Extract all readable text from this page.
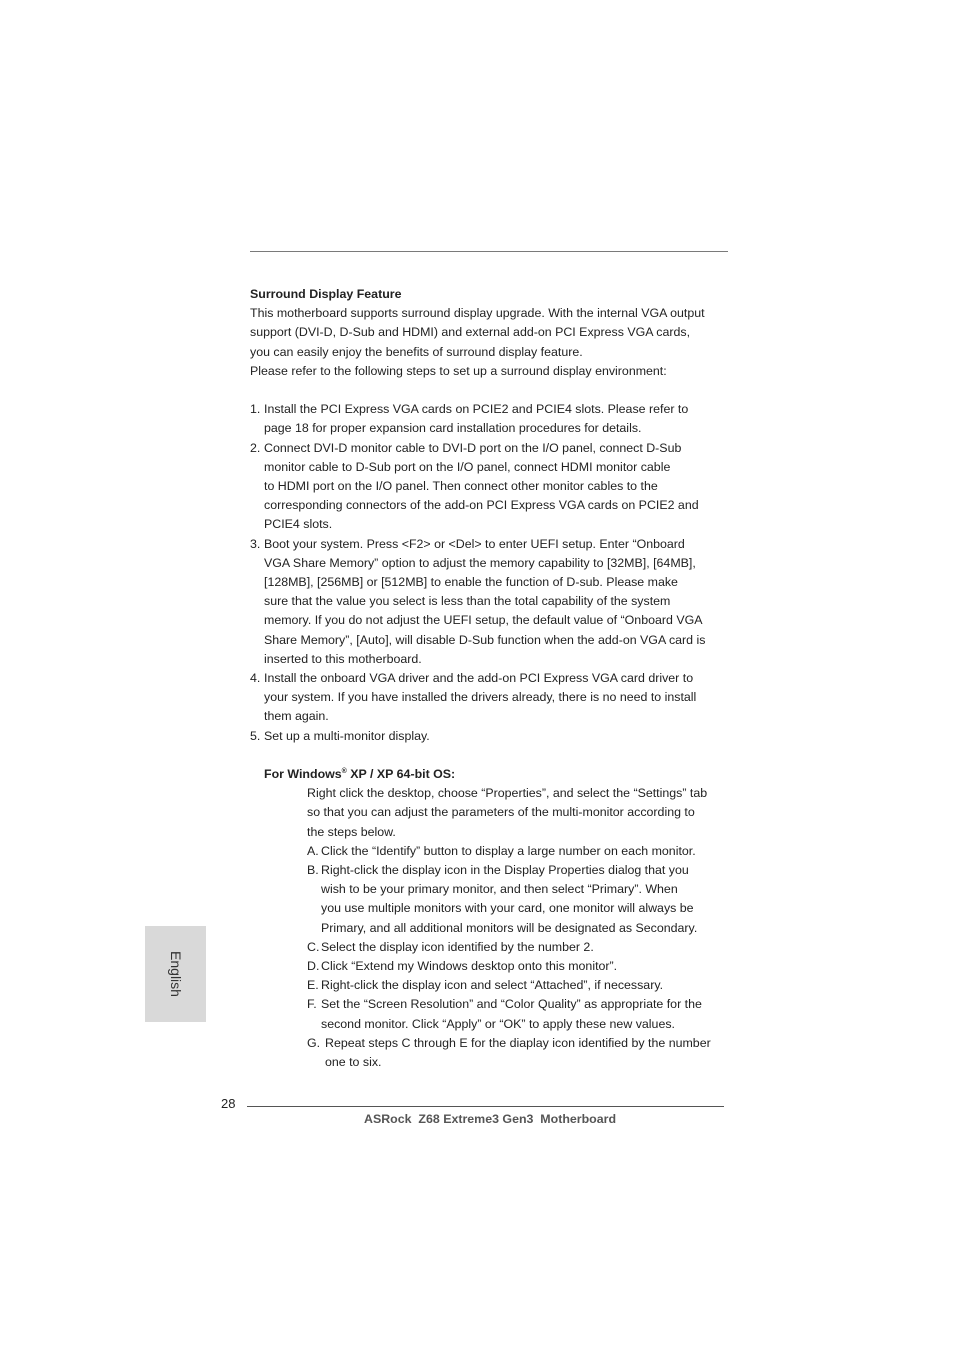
Surround Display Feature

This motherboard supports surround display upgrade. With the internal VGA output

support (DVI-D, D-Sub and HDMI) and external add-on PCI Express VGA cards,

you can easily enjoy the benefits of surround display feature.

Please refer to the following steps to set up a surround display environment:

1. Install the PCI Express VGA cards on PCIE2 and PCIE4 slots. Please refer to
page 18 for proper expansion card installation procedures for details.
2. Connect DVI-D monitor cable to DVI-D port on the I/O panel, connect D-Sub
monitor cable to D-Sub port on the I/O panel, connect HDMI monitor cable
to HDMI port on the I/O panel. Then connect other monitor cables to the
corresponding connectors of the add-on PCI Express VGA cards on PCIE2 and
PCIE4 slots.
3. Boot your system. Press <F2> or <Del> to enter UEFI setup. Enter “Onboard
VGA Share Memory” option to adjust the memory capability to [32MB], [64MB],
[128MB], [256MB] or [512MB] to enable the function of D-sub. Please make
sure that the value you select is less than the total capability of the system
memory. If you do not adjust the UEFI setup, the default value of “Onboard VGA
Share Memory”, [Auto], will disable D-Sub function when the add-on VGA card is
inserted to this motherboard.
4. Install the onboard VGA driver and the add-on PCI Express VGA card driver to
your system. If you have installed the drivers already, there is no need to install
them again.
5. Set up a multi-monitor display.
For Windows® XP / XP 64-bit OS:
Right click the desktop, choose “Properties”, and select the “Settings” tab
so that you can adjust the parameters of the multi-monitor according to
the steps below.
A. Click the “Identify” button to display a large number on each monitor.
B. Right-click the display icon in the Display Properties dialog that you
wish to be your primary monitor, and then select “Primary”. When
you use multiple monitors with your card, one monitor will always be
Primary, and all additional monitors will be designated as Secondary.
C. Select the display icon identified by the number 2.
D. Click “Extend my Windows desktop onto this monitor”.
E. Right-click the display icon and select “Attached”, if necessary.
F. Set the “Screen Resolution” and “Color Quality” as appropriate for the
second monitor. Click “Apply” or “OK” to apply these new values.
G. Repeat steps C through E for the diaplay icon identified by the number
one to six.
English
28
ASRock  Z68 Extreme3 Gen3  Motherboard
